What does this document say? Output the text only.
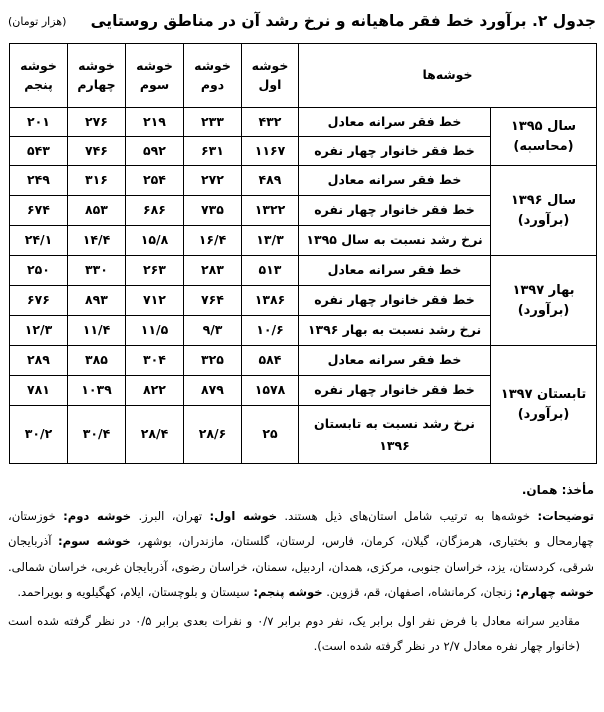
جدول ۲. برآورد خط فقر ماهیانه و نرخ رشد آن در مناطق روستایی
(هزار تومان)
خوشه‌ها		خوشه اول	خوشه دوم	خوشه سوم	خوشه چهارم	خوشه پنجم
سال ۱۳۹۵
(محاسبه)	خط فقر سرانه معادل	۴۳۲	۲۳۳	۲۱۹	۲۷۶	۲۰۱
	خط فقر خانوار چهار نفره	۱۱۶۷	۶۳۱	۵۹۲	۷۴۶	۵۴۳
سال ۱۳۹۶
(برآورد)	خط فقر سرانه معادل	۴۸۹	۲۷۲	۲۵۴	۳۱۶	۲۴۹
	خط فقر خانوار چهار نفره	۱۳۲۲	۷۳۵	۶۸۶	۸۵۳	۶۷۴
	نرخ رشد نسبت به سال ۱۳۹۵	۱۳/۳	۱۶/۴	۱۵/۸	۱۴/۴	۲۴/۱
بهار ۱۳۹۷
(برآورد)	خط فقر سرانه معادل	۵۱۳	۲۸۳	۲۶۳	۳۳۰	۲۵۰
	خط فقر خانوار چهار نفره	۱۳۸۶	۷۶۴	۷۱۲	۸۹۳	۶۷۶
	نرخ رشد نسبت به بهار ۱۳۹۶	۱۰/۶	۹/۳	۱۱/۵	۱۱/۴	۱۲/۳
تابستان ۱۳۹۷
(برآورد)	خط فقر سرانه معادل	۵۸۴	۳۲۵	۳۰۴	۳۸۵	۲۸۹
	خط فقر خانوار چهار نفره	۱۵۷۸	۸۷۹	۸۲۲	۱۰۳۹	۷۸۱
	نرخ رشد نسبت به تابستان ۱۳۹۶	۲۵	۲۸/۶	۲۸/۴	۳۰/۴	۳۰/۲

مأخذ: همان.

توضیحات: خوشه‌ها به ترتیب شامل استان‌های ذیل هستند. خوشه اول: تهران، البرز. خوشه دوم: خوزستان، چهارمحال و بختیاری، هرمزگان، گیلان، کرمان، فارس، لرستان، گلستان، مازندران، بوشهر، خوشه سوم: آذربایجان شرقی، کردستان، یزد، خراسان جنوبی، مرکزی، همدان، اردبیل، سمنان، خراسان رضوی، آذربایجان غربی، خراسان شمالی. خوشه چهارم: زنجان، کرمانشاه، اصفهان، قم، قزوین. خوشه پنجم: سیستان و بلوچستان، ایلام، کهگیلویه و بویراحمد.

مقادیر سرانه معادل با فرض نفر اول برابر یک، نفر دوم برابر ۰/۷ و نفرات بعدی برابر ۰/۵ در نظر گرفته شده است (خانوار چهار نفره معادل ۲/۷ در نظر گرفته شده است).
